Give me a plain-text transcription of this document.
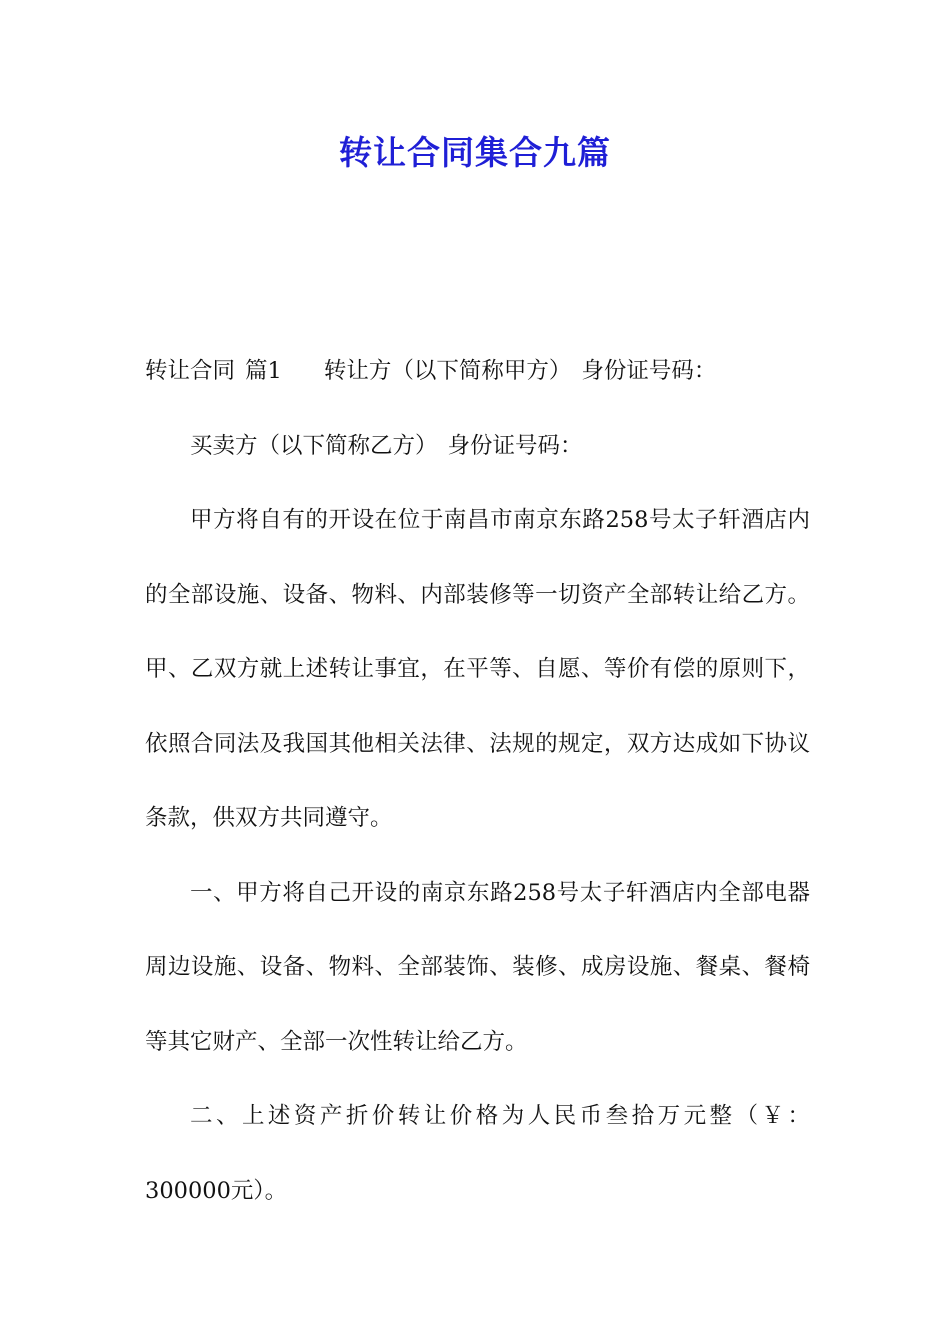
转让合同集合九篇

转让合同 篇1 转让方（以下简称甲方） 身份证号码：

买卖方（以下简称乙方） 身份证号码：

甲方将自有的开设在位于南昌市南京东路258号太子轩酒店内的全部设施、设备、物料、内部装修等一切资产全部转让给乙方。甲、乙双方就上述转让事宜，在平等、自愿、等价有偿的原则下，依照合同法及我国其他相关法律、法规的规定，双方达成如下协议条款，供双方共同遵守。

一、甲方将自己开设的南京东路258号太子轩酒店内全部电器周边设施、设备、物料、全部装饰、装修、成房设施、餐桌、餐椅等其它财产、全部一次性转让给乙方。

二、上述资产折价转让价格为人民币叁拾万元整（￥：300000元）。
